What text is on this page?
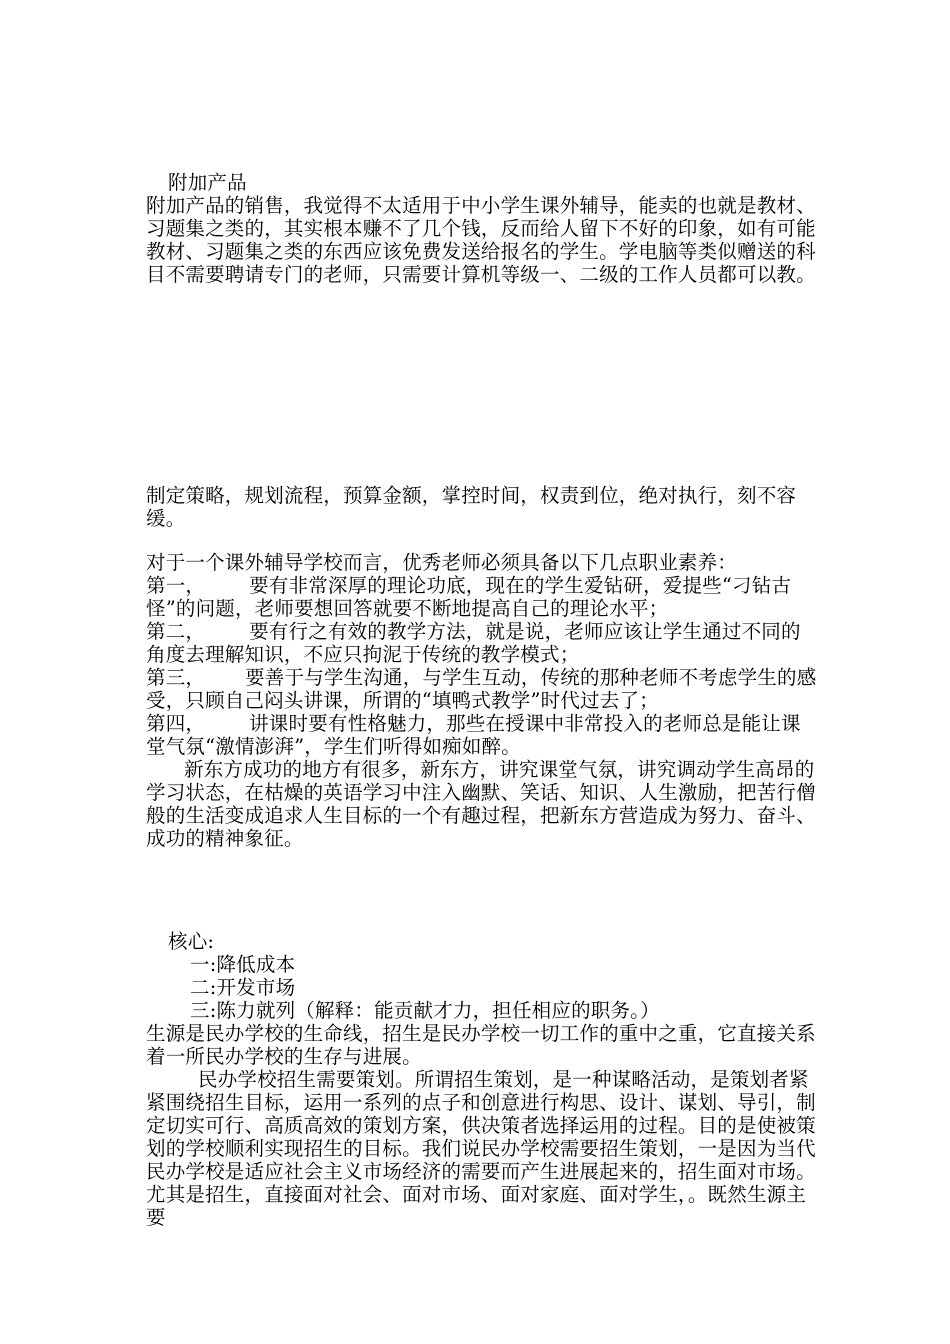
附加产品

附加产品的销售，我觉得不太适用于中小学生课外辅导，能卖的也就是教材、习题集之类的，其实根本赚不了几个钱，反而给人留下不好的印象，如有可能教材、习题集之类的东西应该免费发送给报名的学生。学电脑等类似赠送的科目不需要聘请专门的老师，只需要计算机等级一、二级的工作人员都可以教。

制定策略，规划流程，预算金额，掌控时间，权责到位，绝对执行，刻不容缓。

对于一个课外辅导学校而言，优秀老师必须具备以下几点职业素养：

第一， 要有非常深厚的理论功底，现在的学生爱钻研，爱提些“刁钻古怪”的问题，老师要想回答就要不断地提高自己的理论水平；

第二， 要有行之有效的教学方法，就是说，老师应该让学生通过不同的角度去理解知识，不应只拘泥于传统的教学模式；

第三， 要善于与学生沟通，与学生互动，传统的那种老师不考虑学生的感受，只顾自己闷头讲课，所谓的“填鸭式教学”时代过去了；

第四， 讲课时要有性格魅力，那些在授课中非常投入的老师总是能让课堂气氛“激情澎湃”，学生们听得如痴如醉。

新东方成功的地方有很多，新东方，讲究课堂气氛，讲究调动学生高昂的学习状态，在枯燥的英语学习中注入幽默、笑话、知识、人生激励，把苦行僧般的生活变成追求人生目标的一个有趣过程，把新东方营造成为努力、奋斗、成功的精神象征。

核心:

一:降低成本

二:开发市场

三:陈力就列（解释：能贡献才力，担任相应的职务。）

生源是民办学校的生命线，招生是民办学校一切工作的重中之重，它直接关系着一所民办学校的生存与进展。

民办学校招生需要策划。所谓招生策划，是一种谋略活动，是策划者紧紧围绕招生目标，运用一系列的点子和创意进行构思、设计、谋划、导引，制定切实可行、高质高效的策划方案，供决策者选择运用的过程。目的是使被策划的学校顺利实现招生的目标。我们说民办学校需要招生策划，一是因为当代民办学校是适应社会主义市场经济的需要而产生进展起来的，招生面对市场。尤其是招生，直接面对社会、面对市场、面对家庭、面对学生，。既然生源主要
